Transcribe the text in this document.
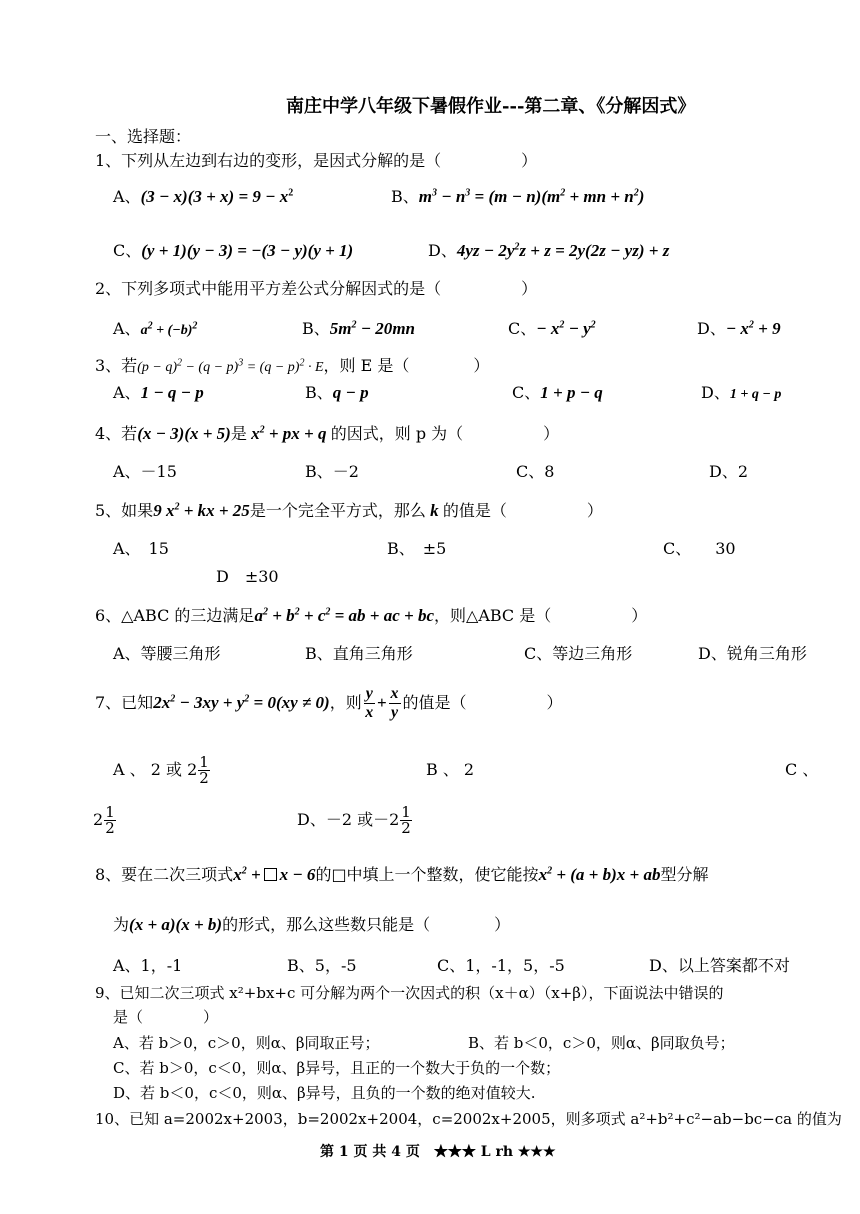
南庄中学八年级下暑假作业---第二章、《分解因式》
一、选择题：
1、下列从左边到右边的变形，是因式分解的是（　　　　　）
A、$(3 - x)(3 + x) = 9 - x^2$	B、$m^3 - n^3 = (m - n)(m^2$ + mn + $n^2$)
C、(y + 1)(y − 3) = −(3 − y)(y + 1)	D、$4yz - 2y^2z + z = 2y(2z - yz) + z$
2、下列多项式中能用平方差公式分解因式的是（　　　　　）
A、$a^2 + (-b)^2$	B、$5m^2 - 20mn$	C、− $x^2 - y^2$	D、− $x^2 + 9$
3、若$(p - q)^2 - (q - p)^3 = (q - p)^2 \cdot E$，则 E 是（　　　　）
A、1 − q − p	B、q − p	C、1 + p − q	D、1 + q − p
4、若(x − 3)(x + 5)是 $x^2$ + px + q 的因式，则 p 为（　　　　　）
A、－15	B、－2	C、8	D、2
5、如果9 $x^2$ + kx + 25是一个完全平方式，那么 k 的值是（　　　　　）
A、　15	B、　±5	C、　　30
D　±30
6、△ABC 的三边满足$a^2 + b^2 + c^2$ = ab + ac + bc，则△ABC 是（　　　　　）
A、等腰三角形	B、直角三角形	C、等边三角形	D、锐角三角形
7、已知$2x^2 - 3xy + y^2 = 0(xy \ne 0)$，则 $\frac{y}{x} + \frac{x}{y}$ 的值是（　　　　　）
A 、 2 或 $2 \frac{1}{2}$	B 、 2	C 、
$2 \frac{1}{2}$	D、－2 或$-2 \frac{1}{2}$
8、要在二次三项式$x^2 + x - 6$的□中填上一个整数，使它能按$x^2 + (a + b)x$ + ab型分解
为(x + a)(x + b)的形式，那么这些数只能是（　　　　）
A、1，-1	B、5，-5	C、1，-1，5，-5	D、以上答案都不对
9、已知二次三项式 x²+bx+c 可分解为两个一次因式的积（x＋α）（x+β），下面说法中错误的
是（　　　　）
A、若 b＞0，c＞0，则α、β同取正号；	B、若 b＜0，c＞0，则α、β同取负号；
C、若 b＞0，c＜0，则α、β异号，且正的一个数大于负的一个数；
D、若 b＜0，c＜0，则α、β异号，且负的一个数的绝对值较大.
10、已知 a=2002x+2003，b=2002x+2004，c=2002x+2005，则多项式 a²+b²+c²−ab−bc−ca 的值为
第 1 页 共 4 页　★★★ L rh ★★★
